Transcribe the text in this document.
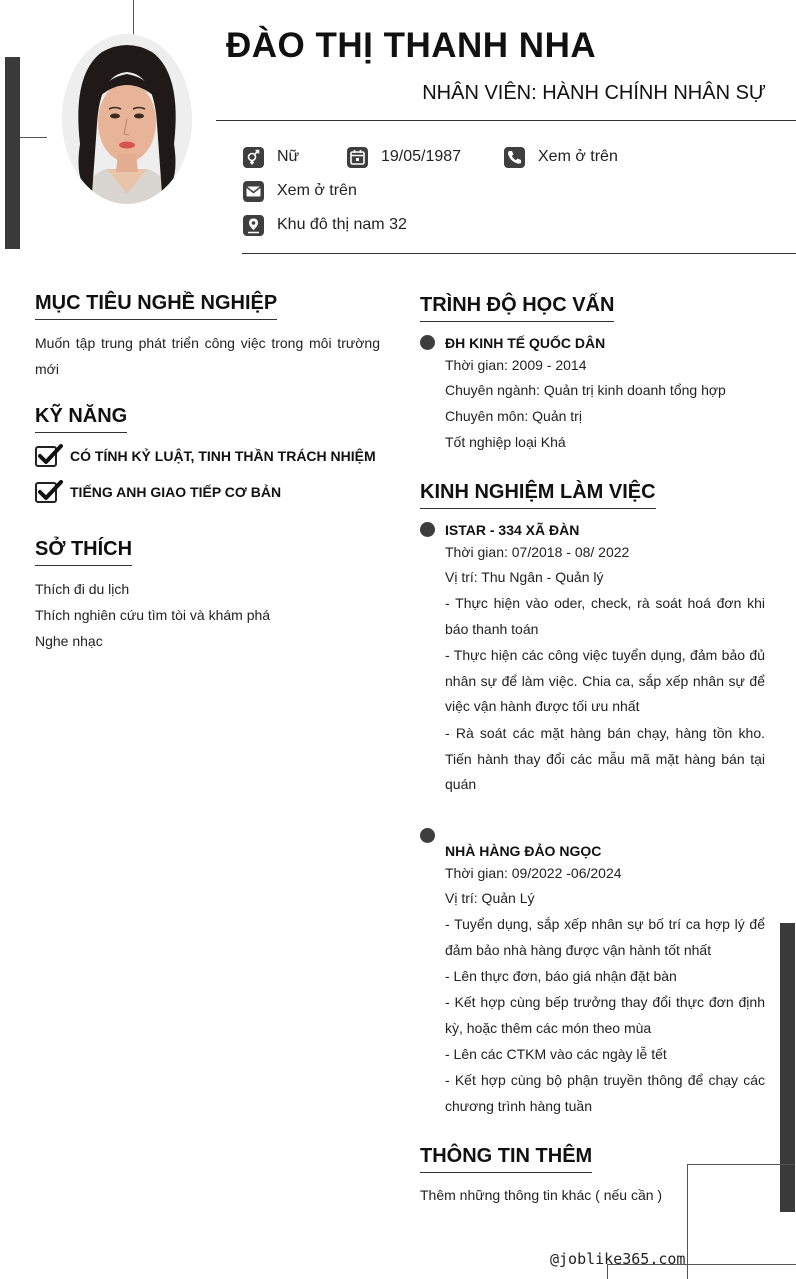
ĐÀO THỊ THANH NHA
NHÂN VIÊN: HÀNH CHÍNH NHÂN SỰ
Nữ	19/05/1987	Xem ở trên
Xem ở trên
Khu đô thị nam 32
MỤC TIÊU NGHỀ NGHIỆP
Muốn tập trung phát triển công việc trong môi trường mới
KỸ NĂNG
CÓ TÍNH KỶ LUẬT, TINH THẦN TRÁCH NHIỆM
TIẾNG ANH GIAO TIẾP CƠ BẢN
SỞ THÍCH
Thích đi du lịch
Thích nghiên cứu tìm tòi và khám phá
Nghe nhạc
TRÌNH ĐỘ HỌC VẤN
ĐH KINH TẾ QUỐC DÂN
Thời gian: 2009 - 2014
Chuyên ngành: Quản trị kinh doanh tổng hợp
Chuyên môn: Quản trị
Tốt nghiệp loại Khá
KINH NGHIỆM LÀM VIỆC
ISTAR - 334 XÃ ĐÀN
Thời gian: 07/2018 - 08/ 2022
Vị trí: Thu Ngân - Quản lý
- Thực hiện vào oder, check, rà soát hoá đơn khi báo thanh toán
- Thực hiện các công việc tuyển dụng, đảm bảo đủ nhân sự để làm việc. Chia ca, sắp xếp nhân sự để việc vận hành được tối ưu nhất
- Rà soát các mặt hàng bán chạy, hàng tồn kho. Tiến hành thay đổi các mẫu mã mặt hàng bán tại quán
NHÀ HÀNG ĐẢO NGỌC
Thời gian: 09/2022 -06/2024
Vị trí: Quản Lý
- Tuyển dụng, sắp xếp nhân sự bố trí ca hợp lý để đảm bảo nhà hàng được vận hành tốt nhất
- Lên thực đơn, báo giá nhận đặt bàn
- Kết hợp cùng bếp trưởng thay đổi thực đơn định kỳ, hoặc thêm các món theo mùa
- Lên các CTKM vào các ngày lễ tết
- Kết hợp cùng bộ phận truyền thông để chạy các chương trình hàng tuần
THÔNG TIN THÊM
Thêm những thông tin khác ( nếu cần )
@joblike365.com
